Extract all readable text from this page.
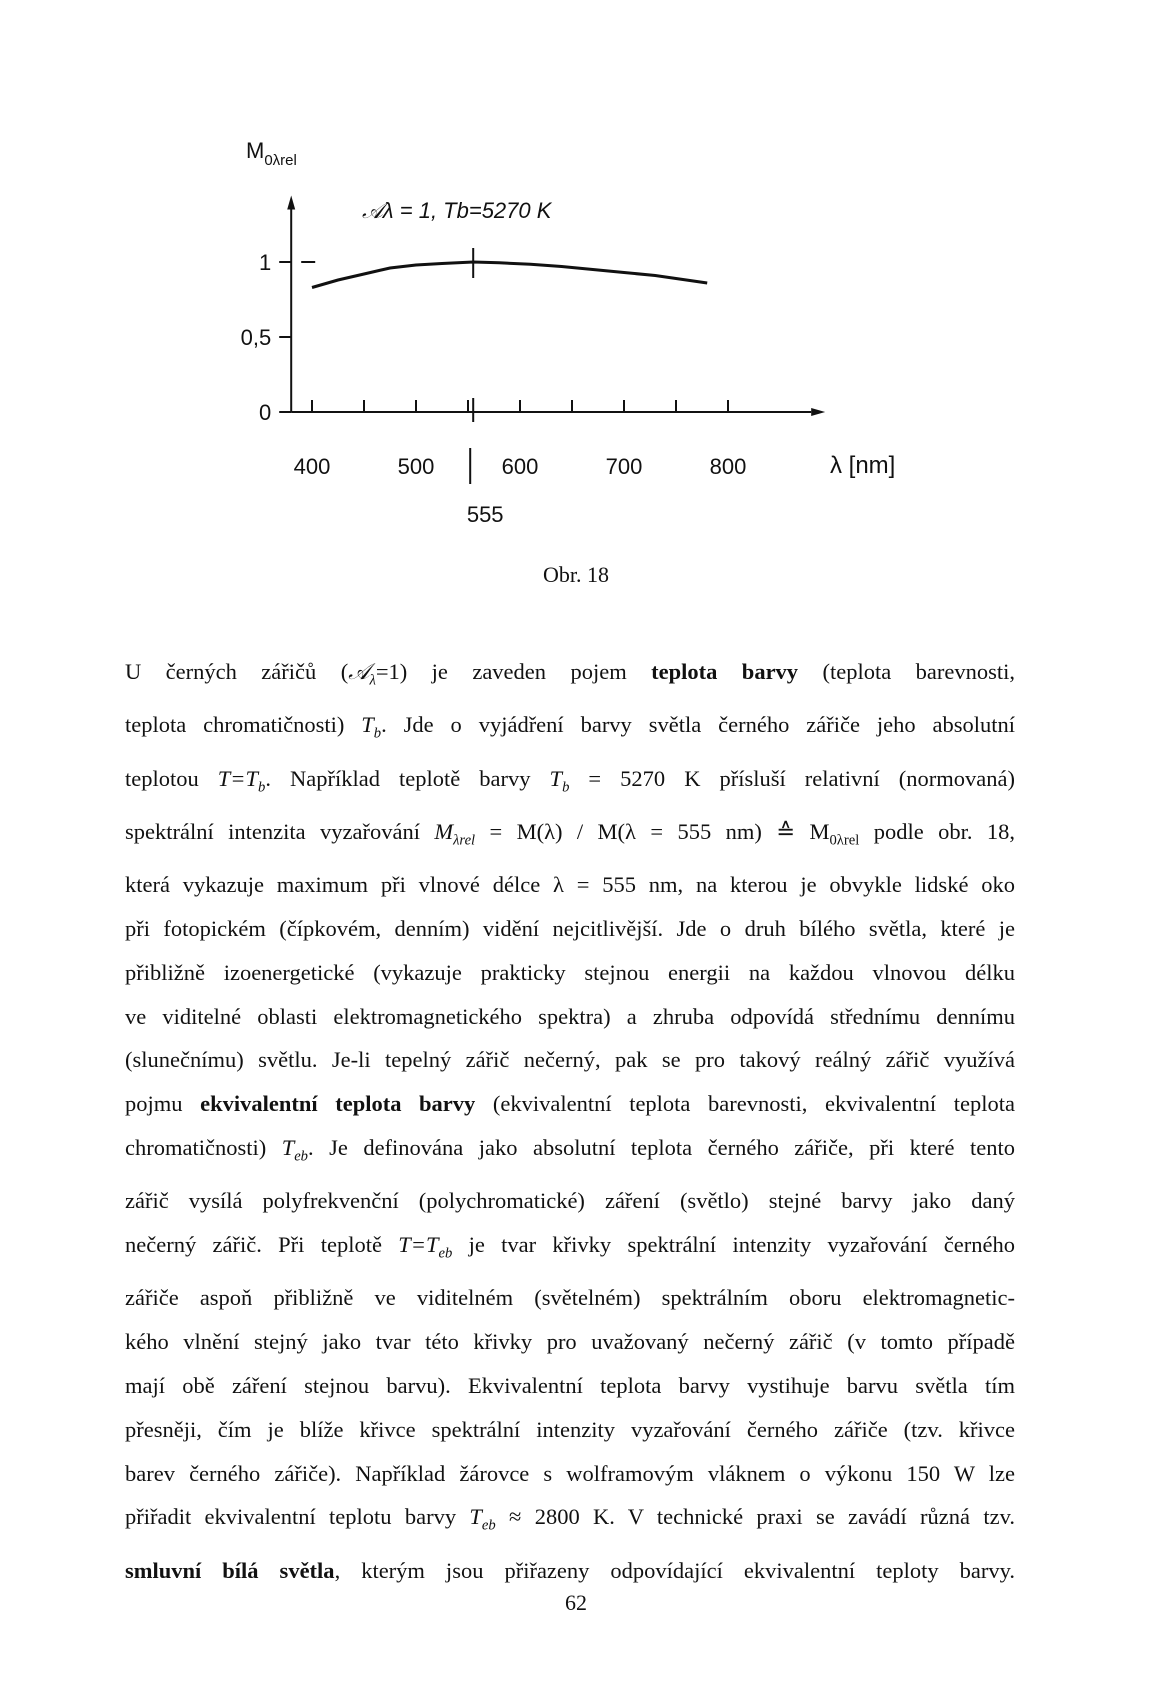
$M_{0\lambda rel}$
𝒜λ = 1, Tb=5270 K
λ [nm]
555
0
0,5
1
400	500	600	700	800
Obr. 18
U černých zářičů (𝒜$_\lambda$=1) je zaveden pojem teplota barvy (teplota barevnosti,
teplota chromatičnosti) $T_b$. Jde o vyjádření barvy světla černého zářiče jeho absolutní
teplotou $T=T_b$. Například teplotě barvy $T_b = 5270$ K přísluší relativní (normovaná)
spektrální intenzita vyzařování $M_{\lambda rel} = M(\lambda) / M(\lambda = 555$ nm) ≙ $M_{0\lambda rel}$ podle obr. 18,
která vykazuje maximum při vlnové délce λ = 555 nm, na kterou je obvykle lidské oko
při fotopickém (čípkovém, denním) vidění nejcitlivější. Jde o druh bílého světla, které je
přibližně izoenergetické (vykazuje prakticky stejnou energii na každou vlnovou délku
ve viditelné oblasti elektromagnetického spektra) a zhruba odpovídá střednímu dennímu
(slunečnímu) světlu. Je-li tepelný zářič nečerný, pak se pro takový reálný zářič využívá
pojmu ekvivalentní teplota barvy (ekvivalentní teplota barevnosti, ekvivalentní teplota
chromatičnosti) $T_{eb}$. Je definována jako absolutní teplota černého zářiče, při které tento
zářič vysílá polyfrekvenční (polychromatické) záření (světlo) stejné barvy jako daný
nečerný zářič. Při teplotě $T=T_{eb}$ je tvar křivky spektrální intenzity vyzařování černého
zářiče aspoň přibližně ve viditelném (světelném) spektrálním oboru elektromagnetic-
kého vlnění stejný jako tvar této křivky pro uvažovaný nečerný zářič (v tomto případě
mají obě záření stejnou barvu). Ekvivalentní teplota barvy vystihuje barvu světla tím
přesněji, čím je blíže křivce spektrální intenzity vyzařování černého zářiče (tzv. křivce
barev černého zářiče). Například žárovce s wolframovým vláknem o výkonu 150 W lze
přiřadit ekvivalentní teplotu barvy $T_{eb} \approx 2800$ K. V technické praxi se zavádí různá tzv.
smluvní bílá světla, kterým jsou přiřazeny odpovídající ekvivalentní teploty barvy.
62
